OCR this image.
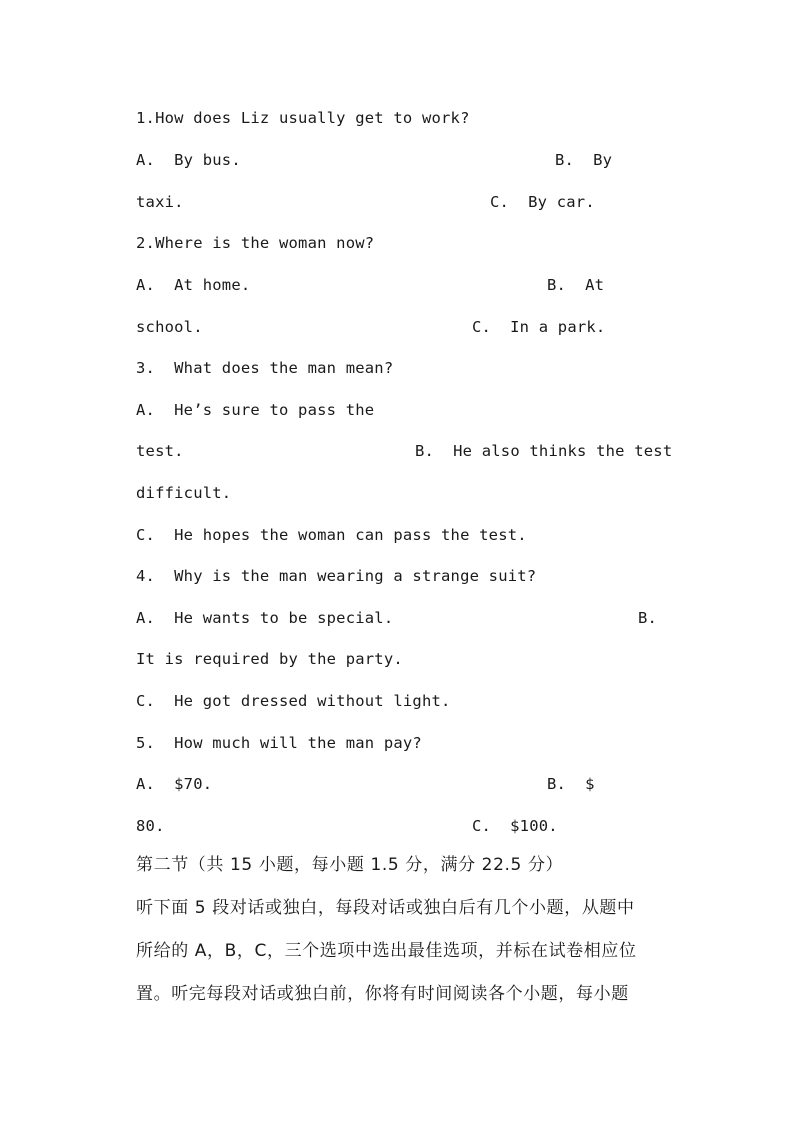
1.How does Liz usually get to work?
A.  By bus.	B.  By
taxi.	C.  By car.
2.Where is the woman now?
A.  At home.	B.  At
school.	C.  In a park.
3.  What does the man mean?
A.  He’s sure to pass the
test.	B.  He also thinks the test
difficult.
C.  He hopes the woman can pass the test.
4.  Why is the man wearing a strange suit?
A.  He wants to be special.	B.
It is required by the party.
C.  He got dressed without light.
5.  How much will the man pay?
A.  $70.	B.  $
80.	C.  $100.
第二节（共 15 小题，每小题 1.5 分，满分 22.5 分）
听下面 5 段对话或独白，每段对话或独白后有几个小题，从题中
所给的 A，B，C，三个选项中选出最佳选项，并标在试卷相应位
置。听完每段对话或独白前，你将有时间阅读各个小题，每小题
